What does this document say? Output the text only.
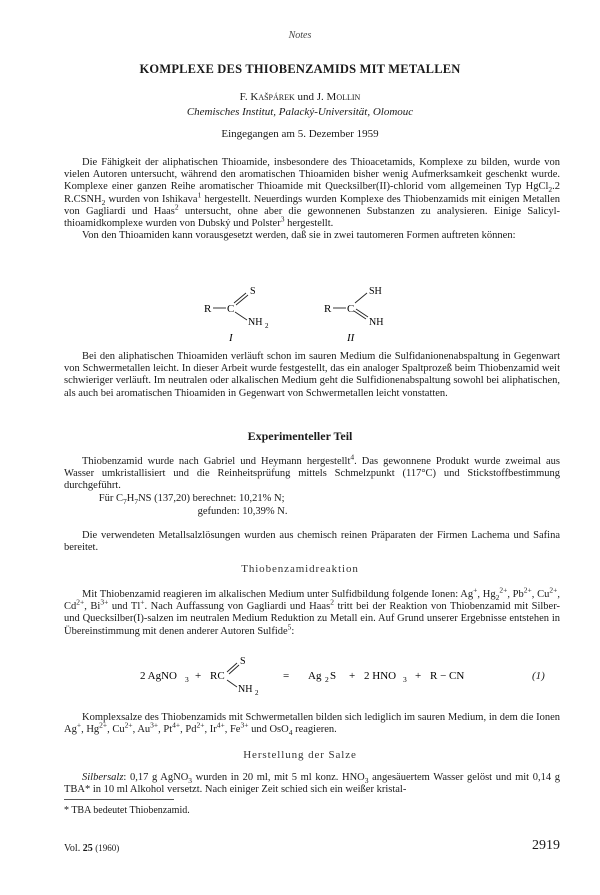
Notes
KOMPLEXE DES THIOBENZAMIDS MIT METALLEN
F. Kašpárek und J. Mollin
Chemisches Institut, Palacký-Universität, Olomouc
Eingegangen am 5. Dezember 1959

Die Fähigkeit der aliphatischen Thioamide, insbesondere des Thioacetamids, Komplexe zu bilden, wurde von vielen Autoren untersucht, während den aromatischen Thioamiden bisher wenig Aufmerksamkeit geschenkt wurde. Komplexe einer ganzen Reihe aromatischer Thioamide mit Quecksilber(II)-chlorid vom allgemeinen Typ HgCl$_2$.2 $R.CSNH_2$ wurden von Ishikava$^1$ hergestellt. Neuerdings wurden Komplexe des Thiobenzamids mit einigen Metallen von Gagliardi und Haas$^2$ untersucht, ohne aber die gewonnenen Substanzen zu analysieren. Einige Salicyl-thioamidkomplexe wurden von Dubský und Polster$^3$ hergestellt.

Von den Thioamiden kann vorausgesetzt werden, daß sie in zwei tautomeren Formen auftreten können:

R C
S
NH 2
I
R C
SH
NH
II

Bei den aliphatischen Thioamiden verläuft schon im sauren Medium die Sulfidanionenabspaltung in Gegenwart von Schwermetallen leicht. In dieser Arbeit wurde festgestellt, das ein analoger Spaltprozeß beim Thiobenzamid weit schwieriger verläuft. Im neutralen oder alkalischen Medium geht die Sulfidionenabspaltung sowohl bei aliphatischen, als auch bei aromatischen Thioamiden in Gegenwart von Schwermetallen leicht vonstatten.

Experimenteller Teil

Thiobenzamid wurde nach Gabriel und Heymann hergestellt$^4$. Das gewonnene Produkt wurde zweimal aus Wasser umkristallisiert und die Reinheitsprüfung mittels Schmelzpunkt (117°C) und Stickstoffbestimmung durchgeführt.

Für $C_7H_7NS$ (137,20) berechnet: 10,21% N;
gefunden: 10,39% N.

Die verwendeten Metallsalzlösungen wurden aus chemisch reinen Präparaten der Firmen Lachema und Safina bereitet.

Thiobenzamidreaktion

Mit Thiobenzamid reagieren im alkalischen Medium unter Sulfidbildung folgende Ionen: Ag+, $Hg_2^{2+}$, $Pb^{2+}$, $Cu^{2+}$, $Cd^{2+}$, $Bi^{3+}$ und Tl+. Nach Auffassung von Gagliardi und Haas$^2$ tritt bei der Reaktion von Thiobenzamid mit Silber- und Quecksilber(I)-salzen im neutralen Medium Reduktion zu Metall ein. Auf Grund unserer Ergebnisse entstehen in Übereinstimmung mit denen anderer Autoren Sulfide$^5$:

2 AgNO 3 + RC
S
NH 2
= Ag 2 S + 2 HNO 3 + R − CN	(1)

Komplexsalze des Thiobenzamids mit Schwermetallen bilden sich lediglich im sauren Medium, in dem die Ionen Ag+, $Hg^{2+}$, $Cu^{2+}$, $Au^{3+}$, $Pt^{4+}$, $Pd^{2+}$, $Ir^{4+}$, $Fe^{3+}$ und OsO$_4$ reagieren.

Herstellung der Salze

Silbersalz: 0,17 g AgNO$_3$ wurden in 20 ml, mit 5 ml konz. $HNO_3$ angesäuertem Wasser gelöst und mit 0,14 g TBA* in 10 ml Alkohol versetzt. Nach einiger Zeit schied sich ein weißer kristal-

* TBA bedeutet Thiobenzamid.
Vol. 25 (1960)	2919
